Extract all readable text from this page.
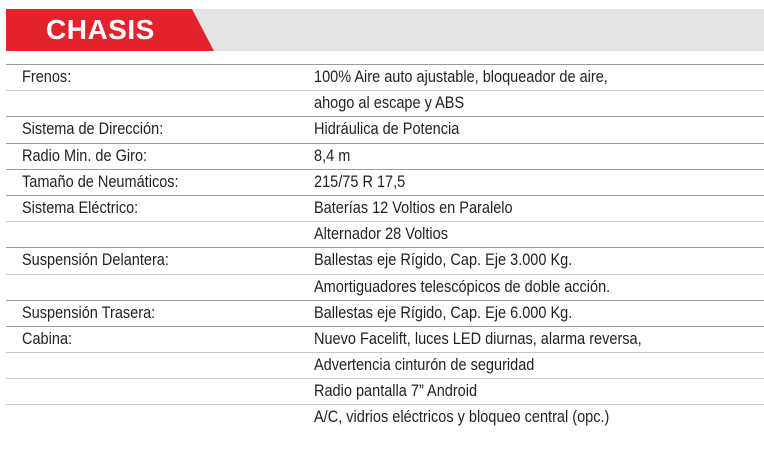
CHASIS
Frenos:	100% Aire auto ajustable, bloqueador de aire,
ahogo al escape y ABS
Sistema de Dirección:	Hidráulica de Potencia
Radio Min. de Giro:	8,4 m
Tamaño de Neumáticos:	215/75 R 17,5
Sistema Eléctrico:	Baterías 12 Voltios en Paralelo
Alternador 28 Voltios
Suspensión Delantera:	Ballestas eje Rígido, Cap. Eje 3.000 Kg.
Amortiguadores telescópicos de doble acción.
Suspensión Trasera:	Ballestas eje Rígido, Cap. Eje 6.000 Kg.
Cabina:	Nuevo Facelift, luces LED diurnas, alarma reversa,
Advertencia cinturón de seguridad
Radio pantalla 7” Android
A/C, vidrios eléctricos y bloqueo central (opc.)
